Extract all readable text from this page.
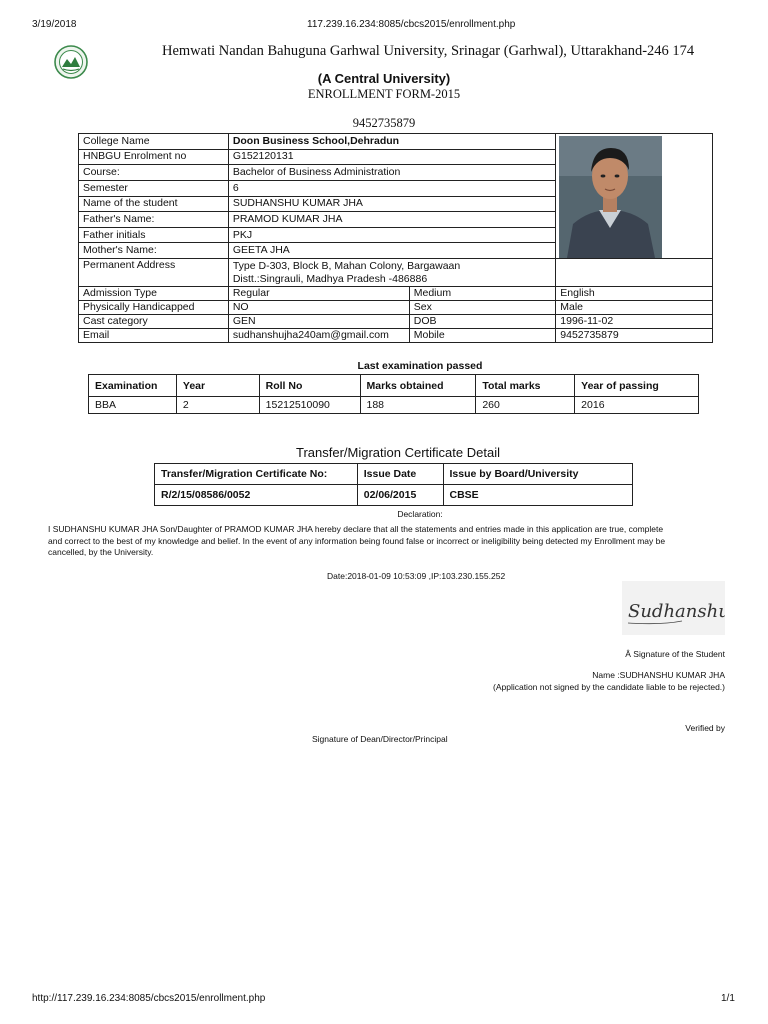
3/19/2018	117.239.16.234:8085/cbcs2015/enrollment.php
http://117.239.16.234:8085/cbcs2015/enrollment.php	1/1
Hemwati Nandan Bahuguna Garhwal University, Srinagar (Garhwal), Uttarakhand-246 174
(A Central University)
ENROLLMENT FORM-2015
9452735879
College Name	Doon Business School,Dehradun	

HNBGU Enrolment no	G152120131		
Course:	Bachelor of Business Administration		
Semester	6		
Name of the student	SUDHANSHU KUMAR JHA		
Father's Name:	PRAMOD KUMAR JHA		
Father initials	PKJ		
Mother's Name:	GEETA JHA		
Permanent Address	Type D-303, Block B, Mahan Colony, Bargawaan
Distt.:Singrauli, Madhya Pradesh -486886		

Admission Type	Regular	Medium	English
Physically Handicapped	NO	Sex	Male
Cast category	GEN	DOB	1996-11-02
Email	sudhanshujha240am@gmail.com	Mobile	9452735879
Last examination passed
Examination	Year	Roll No	Marks obtained	Total marks	Year of passing
BBA	2	15212510090	188	260	2016
Transfer/Migration Certificate Detail
Transfer/Migration Certificate No:	Issue Date	Issue by Board/University
R/2/15/08586/0052	02/06/2015	CBSE
Declaration:
I SUDHANSHU KUMAR JHA Son/Daughter of PRAMOD KUMAR JHA hereby declare that all the statements and entries made in this application are true, complete
and correct to the best of my knowledge and belief. In the event of any information being found false or incorrect or ineligibility being detected my Enrollment may be
cancelled, by the University.
Date:2018-01-09 10:53:09 ,IP:103.230.155.252
Sudhanshu
Â Signature of the Student
Name :SUDHANSHU KUMAR JHA
(Application not signed by the candidate liable to be rejected.)
Verified by
Signature of Dean/Director/Principal
